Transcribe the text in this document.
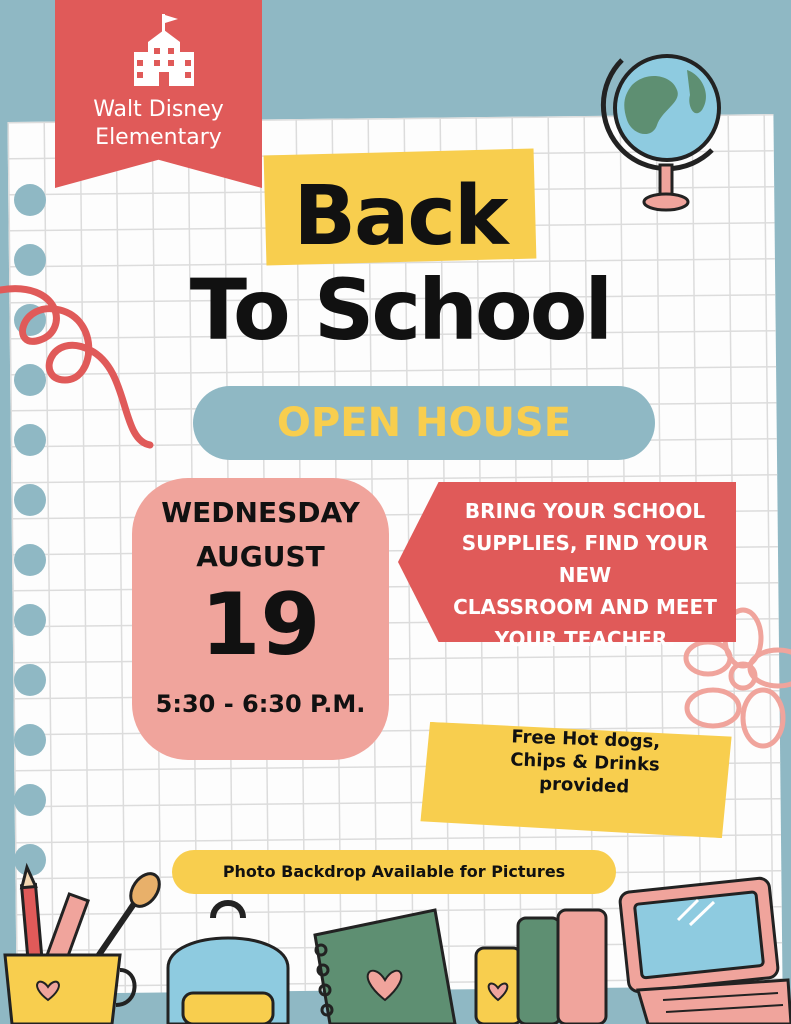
Walt Disney
Elementary
Back
To School
OPEN HOUSE
WEDNESDAY
AUGUST
19
5:30 - 6:30 P.M.
BRING YOUR SCHOOL
SUPPLIES, FIND YOUR NEW
CLASSROOM AND MEET
YOUR TEACHER.
Free Hot dogs,
Chips & Drinks
provided
Photo Backdrop Available for Pictures
